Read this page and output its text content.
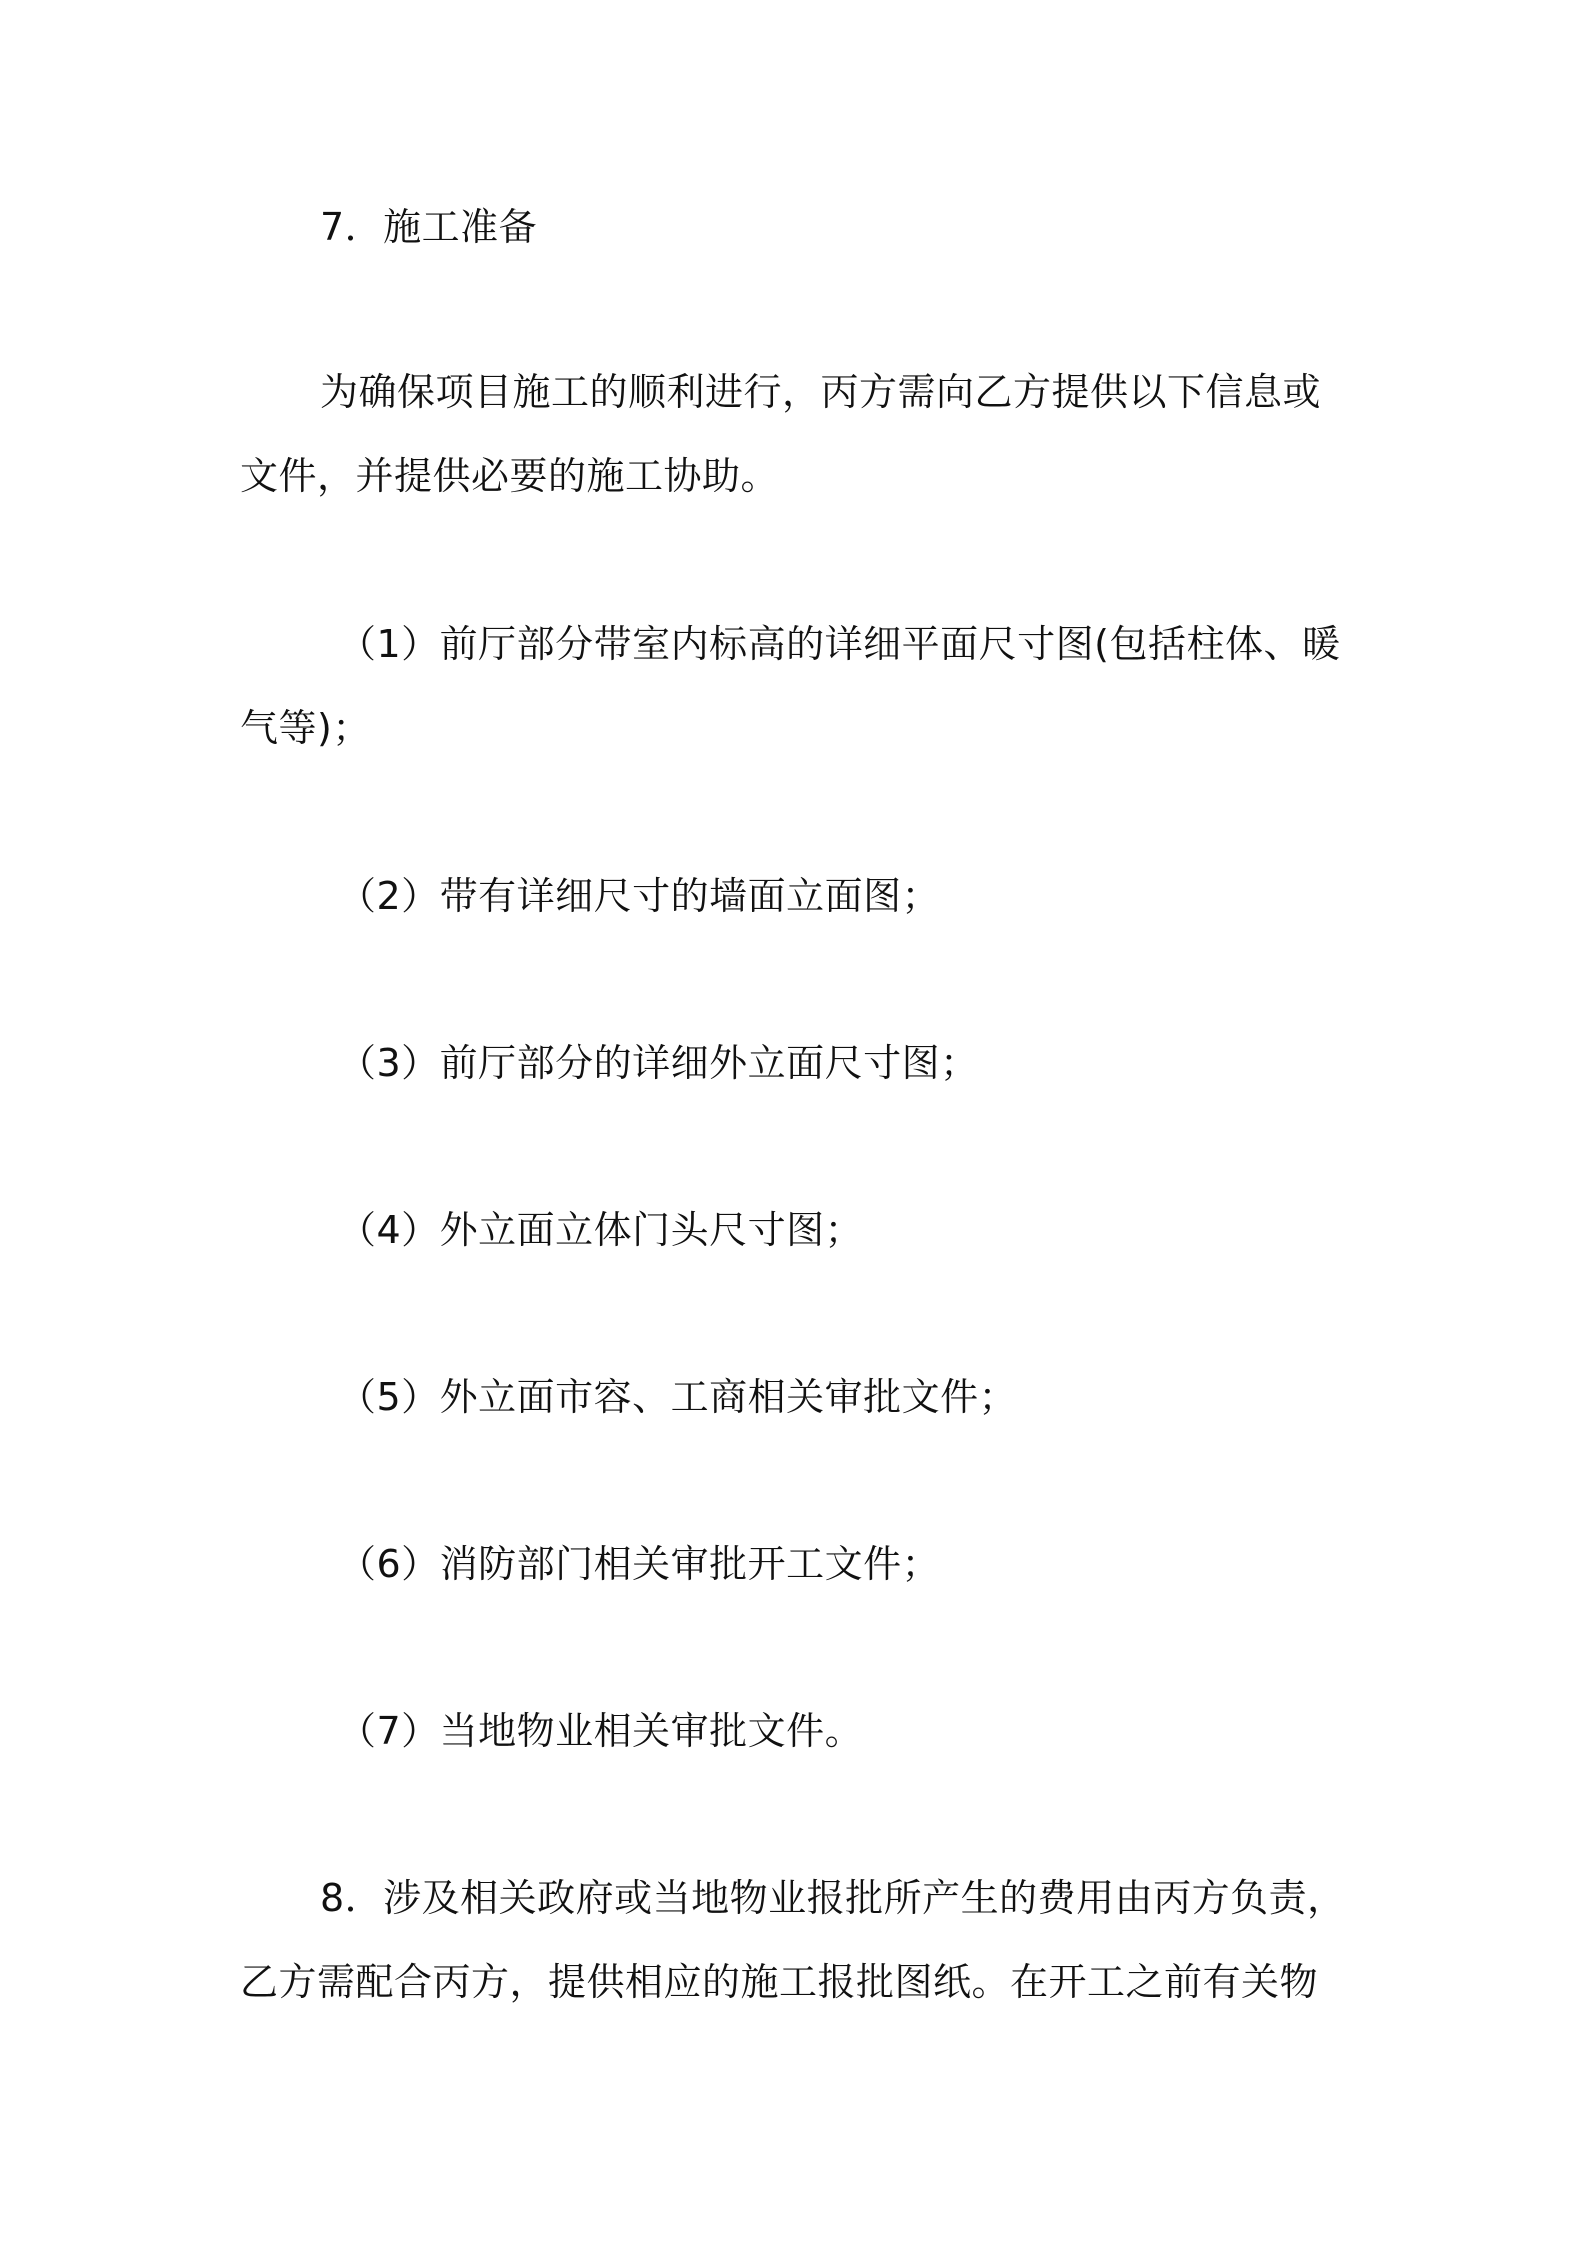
7．施工准备
为确保项目施工的顺利进行，丙方需向乙方提供以下信息或
文件，并提供必要的施工协助。
（1）前厅部分带室内标高的详细平面尺寸图(包括柱体、暖
气等)；
（2）带有详细尺寸的墙面立面图；
（3）前厅部分的详细外立面尺寸图；
（4）外立面立体门头尺寸图；
（5）外立面市容、工商相关审批文件；
（6）消防部门相关审批开工文件；
（7）当地物业相关审批文件。
8．涉及相关政府或当地物业报批所产生的费用由丙方负责，
乙方需配合丙方，提供相应的施工报批图纸。在开工之前有关物
